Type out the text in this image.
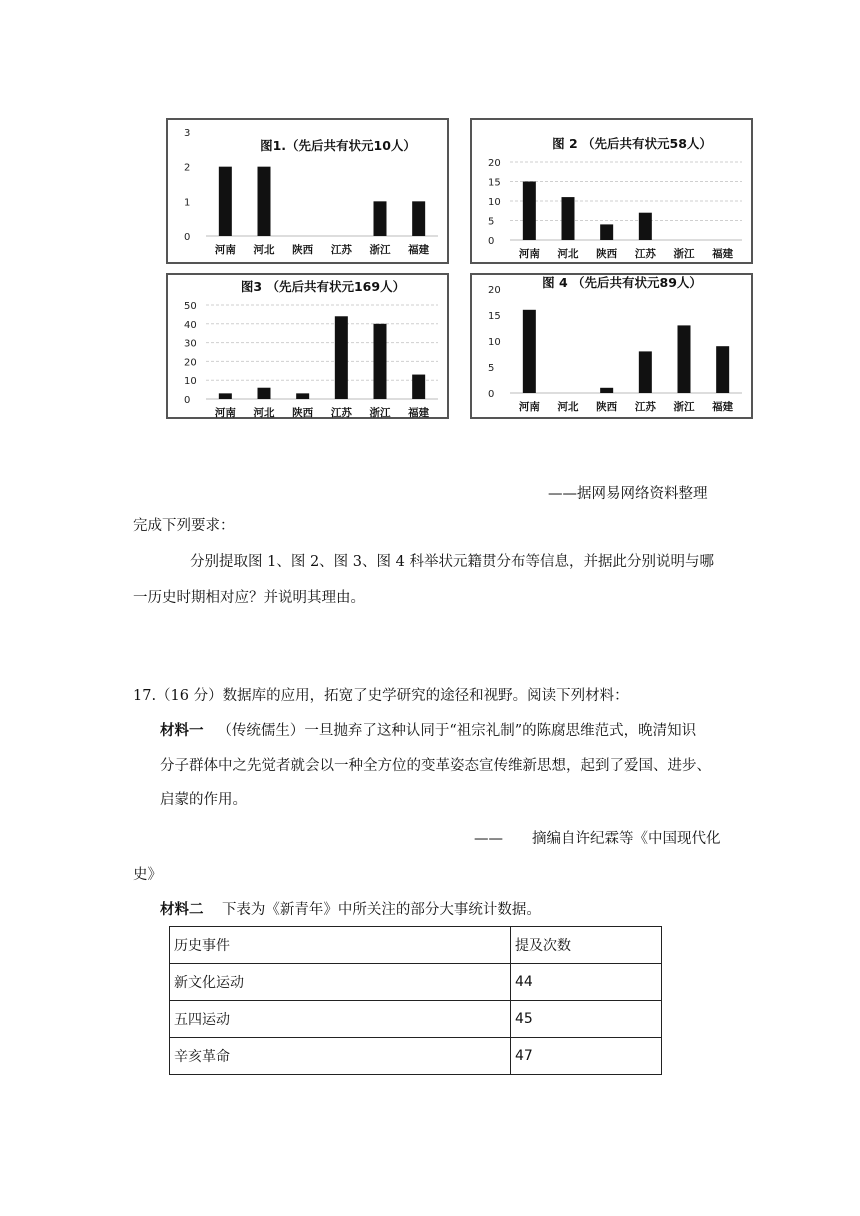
0
1
2
3
河南 河北 陕西 江苏 浙江 福建
图1.（先后共有状元10人）
0
5
10
15
20
河南 河北 陕西 江苏 浙江 福建
图 2 （先后共有状元58人）
0
10
20
30
40
50
河南 河北 陕西 江苏 浙江 福建
图3 （先后共有状元169人）
0
5
10
15
20
河南 河北 陕西 江苏 浙江 福建
图 4 （先后共有状元89人）
——据网易网络资料整理
完成下列要求：
分别提取图 1、图 2、图 3、图 4 科举状元籍贯分布等信息，并据此分别说明与哪
一历史时期相对应？并说明其理由。
17.（16 分）数据库的应用，拓宽了史学研究的途径和视野。阅读下列材料：
材料一 （传统儒生）一旦抛弃了这种认同于“祖宗礼制”的陈腐思维范式，晚清知识
分子群体中之先觉者就会以一种全方位的变革姿态宣传维新思想，起到了爱国、进步、
启蒙的作用。
—— 摘编自许纪霖等《中国现代化
史》
材料二 下表为《新青年》中所关注的部分大事统计数据。
历史事件	提及次数
新文化运动	44
五四运动	45
辛亥革命	47
